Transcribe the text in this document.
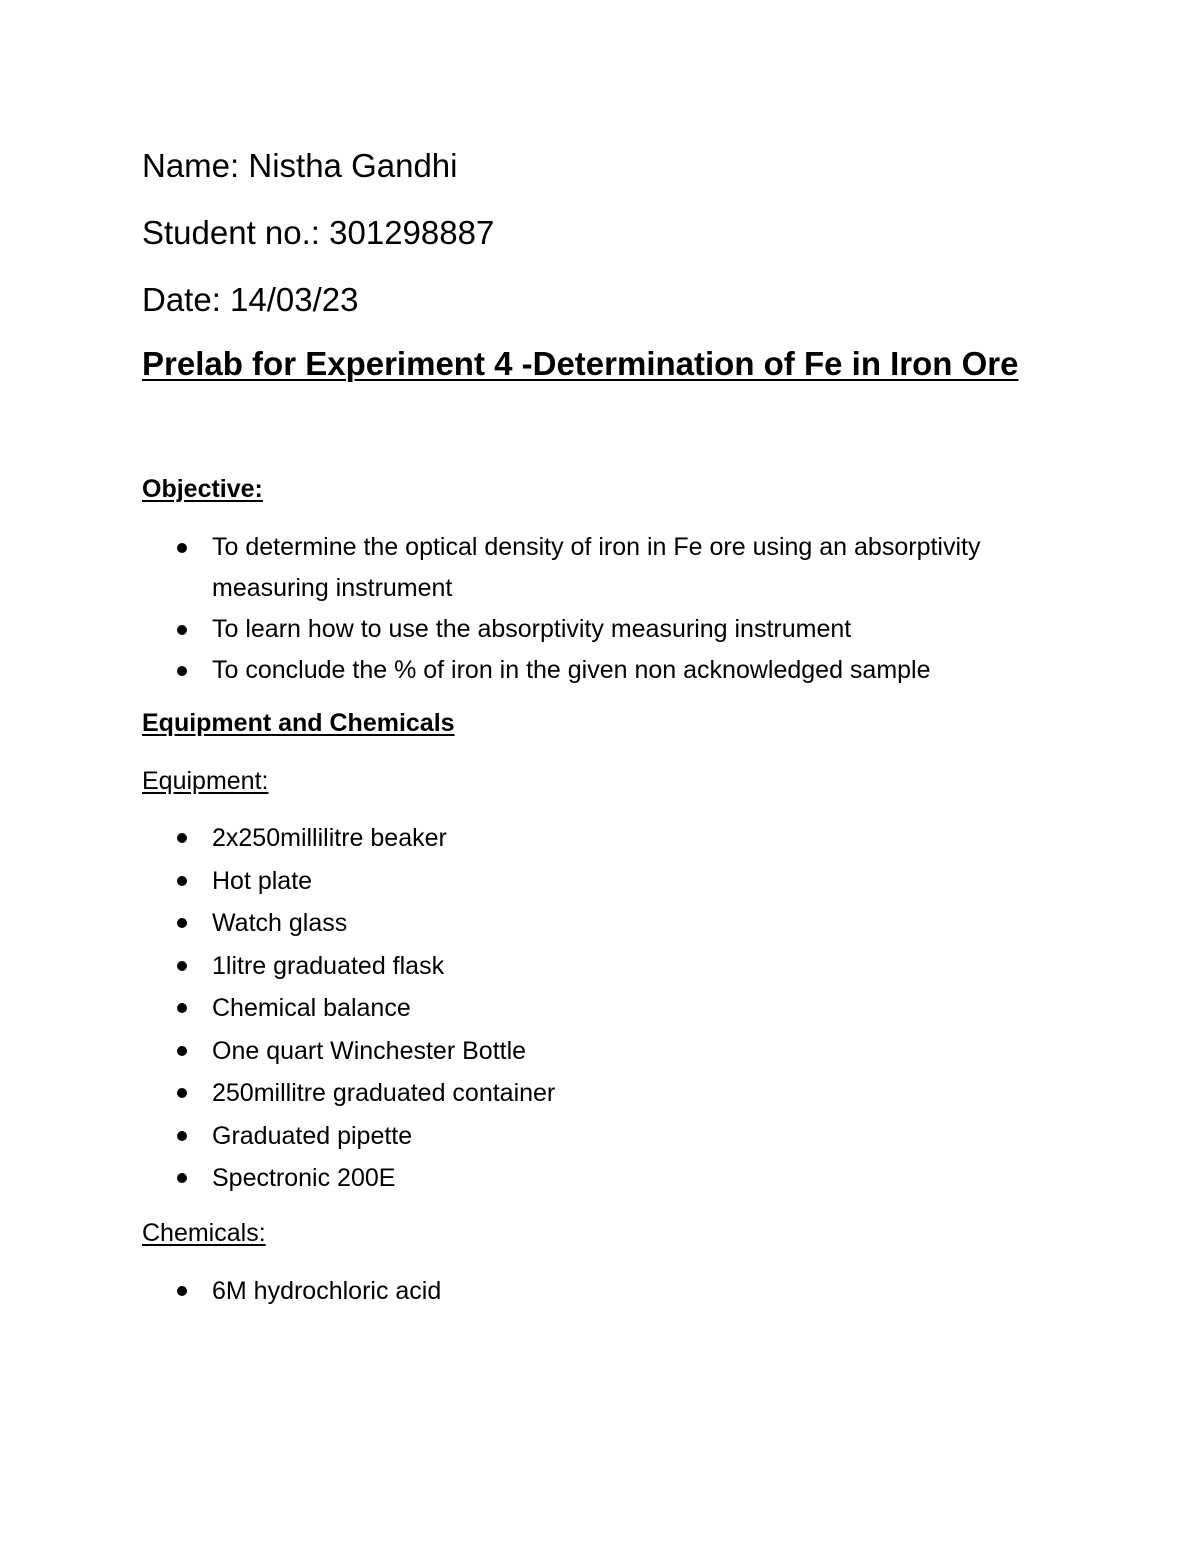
Name: Nistha Gandhi
Student no.: 301298887
Date: 14/03/23
Prelab for Experiment 4 -Determination of Fe in Iron Ore
Objective:
To determine the optical density of iron in Fe ore using an absorptivity measuring instrument
To learn how to use the absorptivity measuring instrument
To conclude the % of iron in the given non acknowledged sample
Equipment and Chemicals
Equipment:
2x250millilitre beaker
Hot plate
Watch glass
1litre graduated flask
Chemical balance
One quart Winchester Bottle
250millitre graduated container
Graduated pipette
Spectronic 200E
Chemicals:
6M hydrochloric acid
